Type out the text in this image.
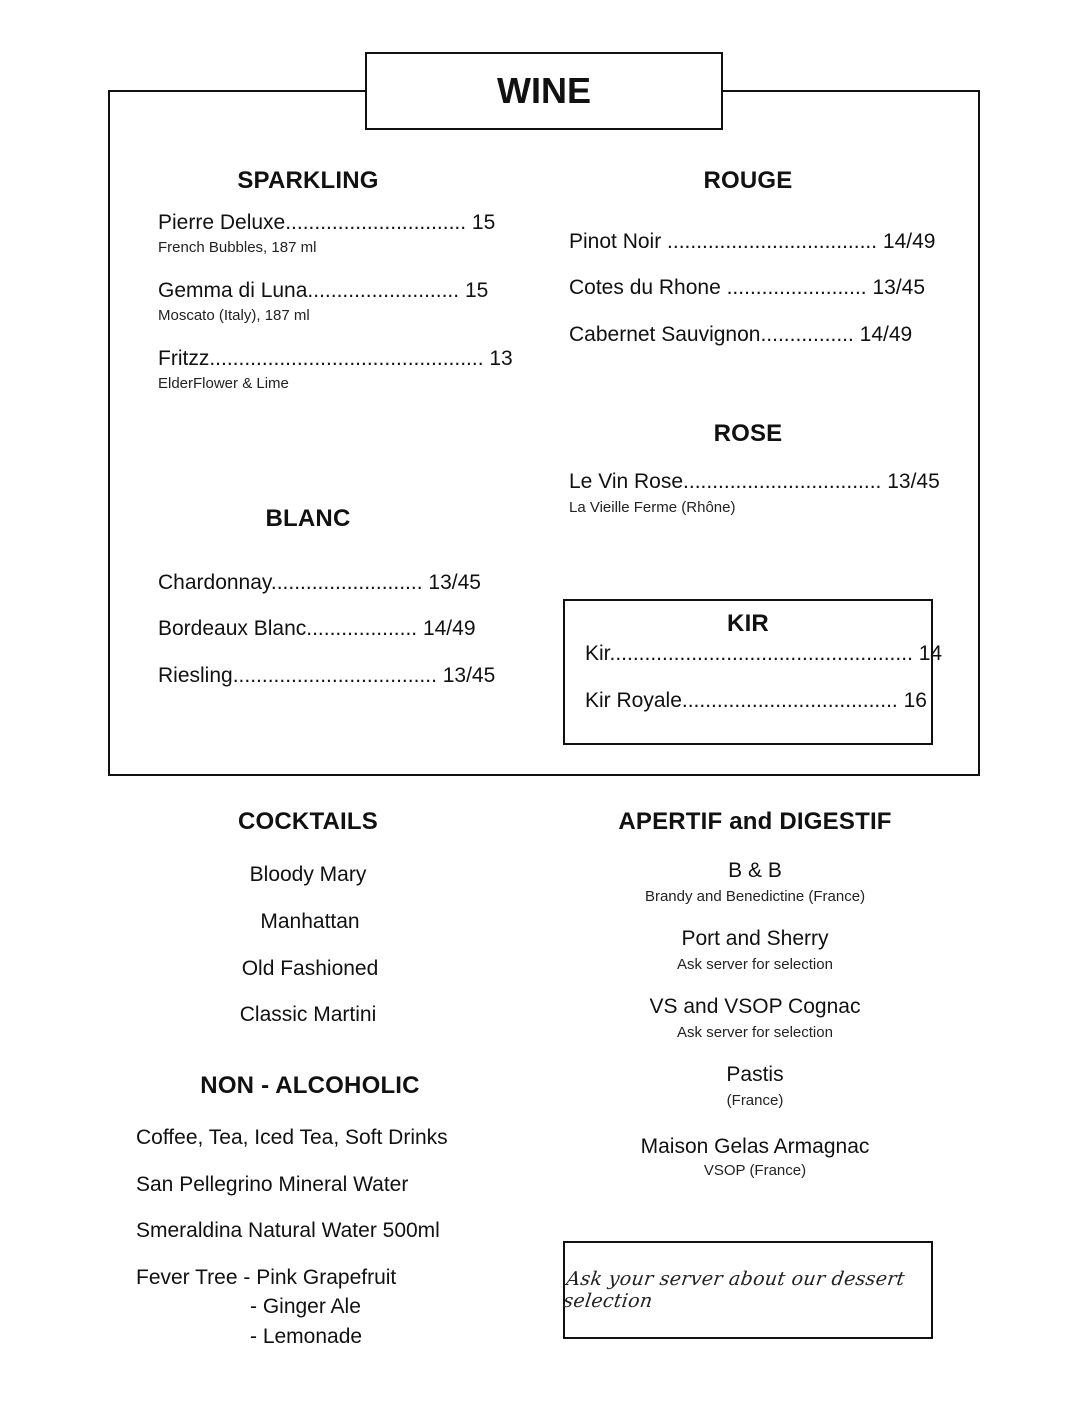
WINE
SPARKLING
Pierre Deluxe............................... 15
French Bubbles, 187 ml
Gemma di Luna.......................... 15
Moscato (Italy), 187 ml
Fritzz............................................... 13
ElderFlower & Lime
BLANC
Chardonnay.......................... 13/45
Bordeaux Blanc................... 14/49
Riesling................................... 13/45
ROUGE
Pinot Noir .................................... 14/49
Cotes du Rhone ........................ 13/45
Cabernet Sauvignon................ 14/49
ROSE
Le Vin Rose.................................. 13/45
La Vieille Ferme (Rhône)
KIR
Kir.................................................... 14
Kir Royale..................................... 16
COCKTAILS
Bloody Mary
Manhattan
Old Fashioned
Classic Martini
NON - ALCOHOLIC
Coffee, Tea, Iced Tea, Soft Drinks
San Pellegrino Mineral Water
Smeraldina Natural Water 500ml
Fever Tree - Pink Grapefruit
- Ginger Ale
- Lemonade
APERTIF and DIGESTIF
B & B
Brandy and Benedictine (France)
Port and Sherry
Ask server for selection
VS and VSOP Cognac
Ask server for selection
Pastis
(France)
Maison Gelas Armagnac
VSOP (France)
Ask your server about our dessert selection
